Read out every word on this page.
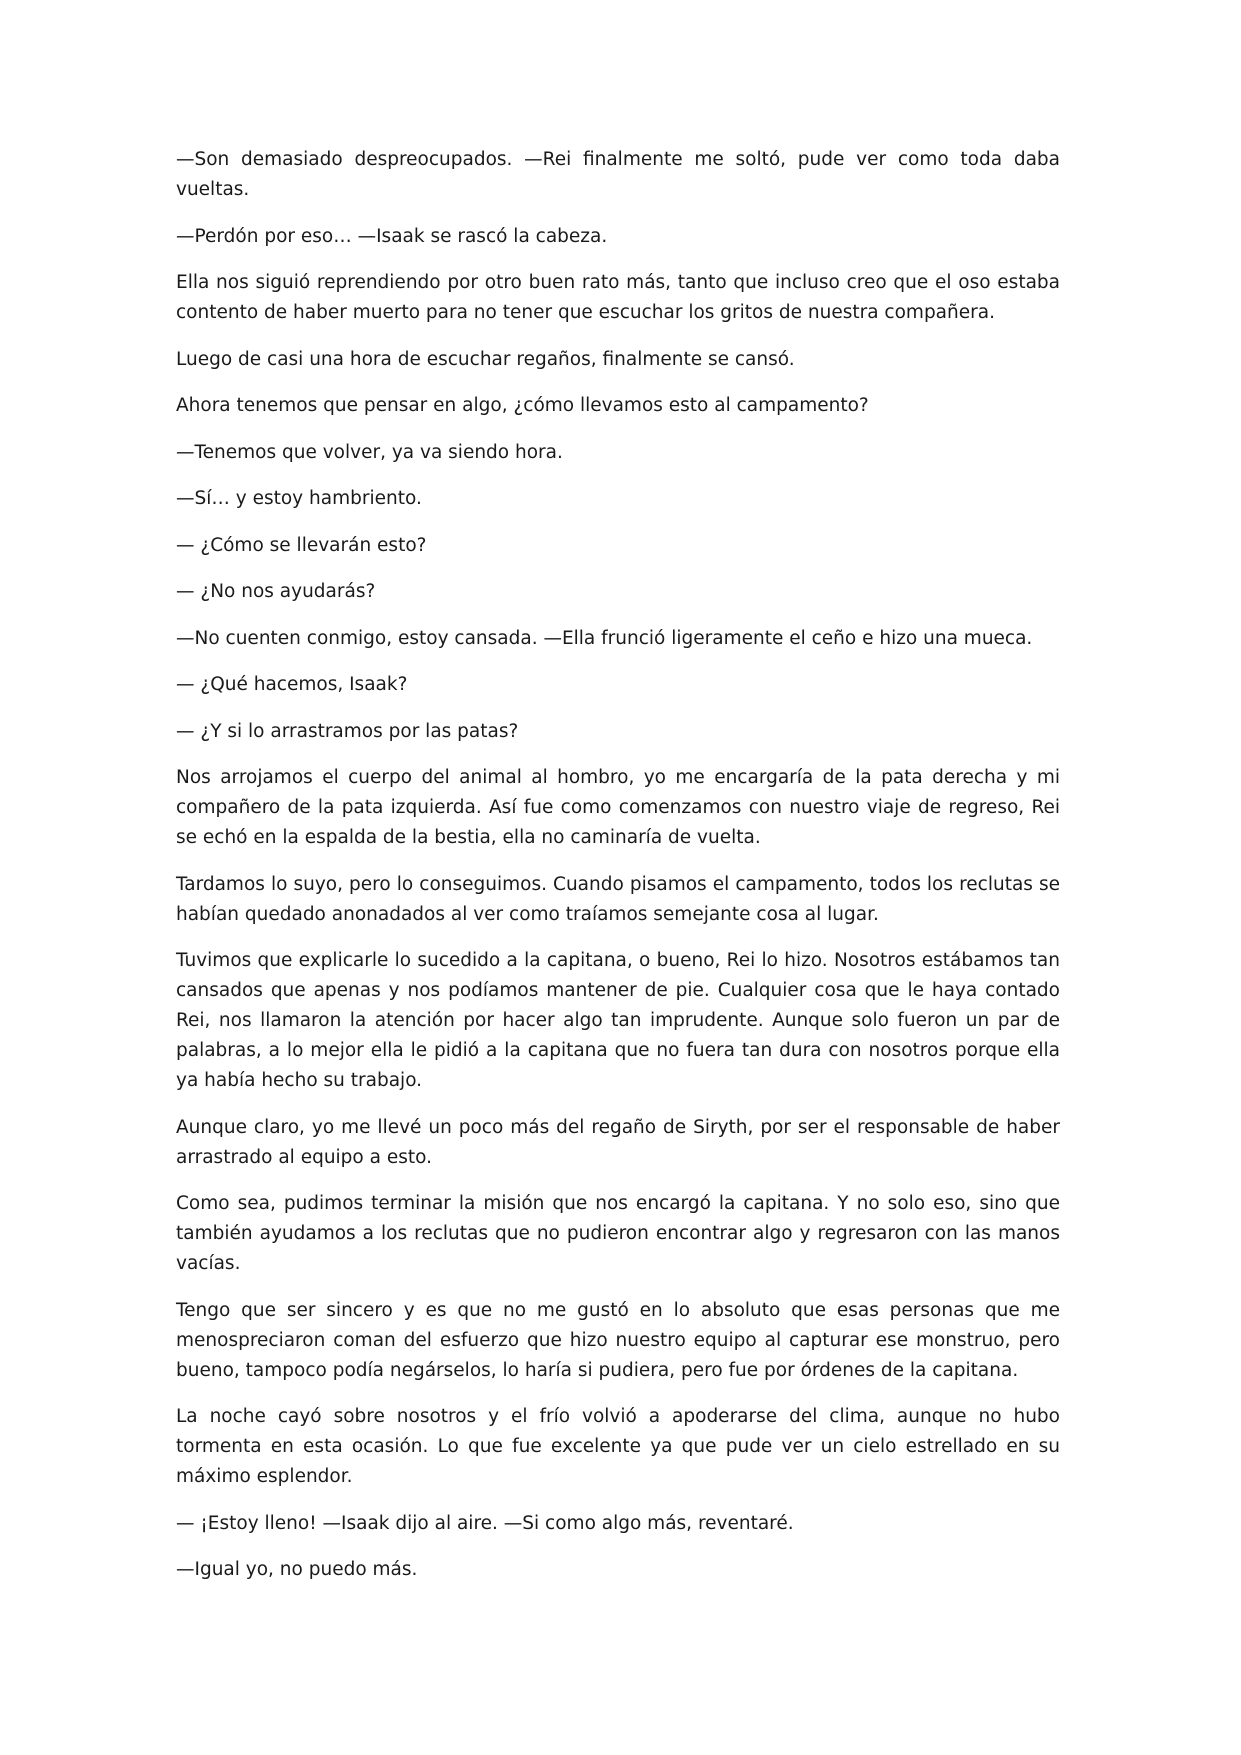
—Son demasiado despreocupados. —Rei finalmente me soltó, pude ver como toda daba vueltas.

—Perdón por eso… —Isaak se rascó la cabeza.

Ella nos siguió reprendiendo por otro buen rato más, tanto que incluso creo que el oso estaba contento de haber muerto para no tener que escuchar los gritos de nuestra compañera.

Luego de casi una hora de escuchar regaños, finalmente se cansó.

Ahora tenemos que pensar en algo, ¿cómo llevamos esto al campamento?

—Tenemos que volver, ya va siendo hora.

—Sí… y estoy hambriento.

— ¿Cómo se llevarán esto?

— ¿No nos ayudarás?

—No cuenten conmigo, estoy cansada. —Ella frunció ligeramente el ceño e hizo una mueca.

— ¿Qué hacemos, Isaak?

— ¿Y si lo arrastramos por las patas?

Nos arrojamos el cuerpo del animal al hombro, yo me encargaría de la pata derecha y mi compañero de la pata izquierda. Así fue como comenzamos con nuestro viaje de regreso, Rei se echó en la espalda de la bestia, ella no caminaría de vuelta.

Tardamos lo suyo, pero lo conseguimos. Cuando pisamos el campamento, todos los reclutas se habían quedado anonadados al ver como traíamos semejante cosa al lugar.

Tuvimos que explicarle lo sucedido a la capitana, o bueno, Rei lo hizo. Nosotros estábamos tan cansados que apenas y nos podíamos mantener de pie. Cualquier cosa que le haya contado Rei, nos llamaron la atención por hacer algo tan imprudente. Aunque solo fueron un par de palabras, a lo mejor ella le pidió a la capitana que no fuera tan dura con nosotros porque ella ya había hecho su trabajo.

Aunque claro, yo me llevé un poco más del regaño de Siryth, por ser el responsable de haber arrastrado al equipo a esto.

Como sea, pudimos terminar la misión que nos encargó la capitana. Y no solo eso, sino que también ayudamos a los reclutas que no pudieron encontrar algo y regresaron con las manos vacías.

Tengo que ser sincero y es que no me gustó en lo absoluto que esas personas que me menospreciaron coman del esfuerzo que hizo nuestro equipo al capturar ese monstruo, pero bueno, tampoco podía negárselos, lo haría si pudiera, pero fue por órdenes de la capitana.

La noche cayó sobre nosotros y el frío volvió a apoderarse del clima, aunque no hubo tormenta en esta ocasión. Lo que fue excelente ya que pude ver un cielo estrellado en su máximo esplendor.

— ¡Estoy lleno! —Isaak dijo al aire. —Si como algo más, reventaré.

—Igual yo, no puedo más.
